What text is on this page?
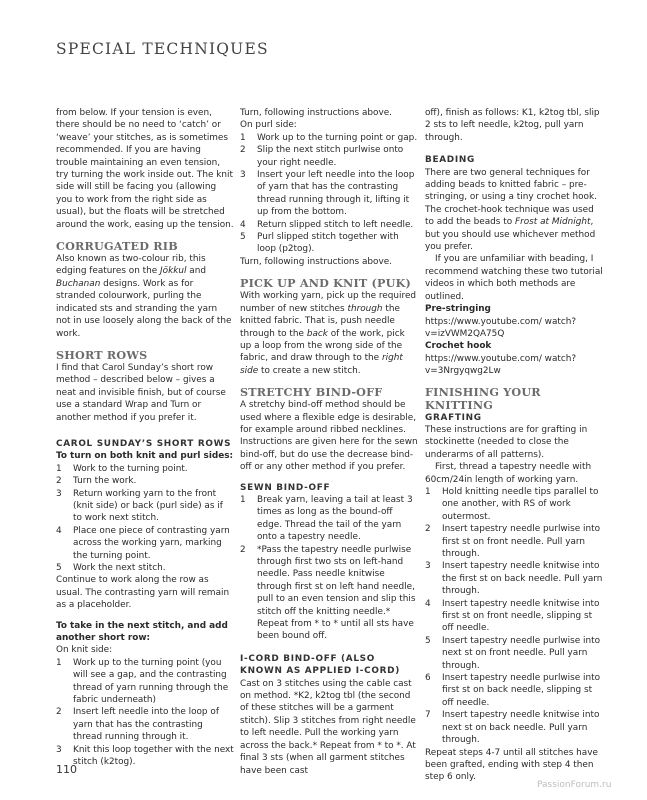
SPECIAL TECHNIQUES

from below. If your tension is even, there should be no need to ‘catch’ or ‘weave’ your stitches, as is sometimes recommended. If you are having trouble maintaining an even tension, try turning the work inside out. The knit side will still be facing you (allowing you to work from the right side as usual), but the floats will be stretched around the work, easing up the tension.

CORRUGATED RIB

Also known as two-colour rib, this edging features on the Jökkul and Buchanan designs. Work as for stranded colourwork, purling the indicated sts and stranding the yarn not in use loosely along the back of the work.

SHORT ROWS

I find that Carol Sunday’s short row method – described below – gives a neat and invisible finish, but of course use a standard Wrap and Turn or another method if you prefer it.

CAROL SUNDAY’S SHORT ROWS

To turn on both knit and purl sides:

1 Work to the turning point.
2 Turn the work.
3 Return working yarn to the front (knit side) or back (purl side) as if to work next stitch.
4 Place one piece of contrasting yarn across the working yarn, marking the turning point.
5 Work the next stitch.

Continue to work along the row as usual. The contrasting yarn will remain as a placeholder.

To take in the next stitch, and add another short row:

On knit side:

1 Work up to the turning point (you will see a gap, and the contrasting thread of yarn running through the fabric underneath)
2 Insert left needle into the loop of yarn that has the contrasting thread running through it.
3 Knit this loop together with the next stitch (k2tog).

Turn, following instructions above.

On purl side:

1 Work up to the turning point or gap.
2 Slip the next stitch purlwise onto your right needle.
3 Insert your left needle into the loop of yarn that has the contrasting thread running through it, lifting it up from the bottom.
4 Return slipped stitch to left needle.
5 Purl slipped stitch together with loop (p2tog).

Turn, following instructions above.

PICK UP AND KNIT (PUK)

With working yarn, pick up the required number of new stitches through the knitted fabric. That is, push needle through to the back of the work, pick up a loop from the wrong side of the fabric, and draw through to the right side to create a new stitch.

STRETCHY BIND-OFF

A stretchy bind-off method should be used where a flexible edge is desirable, for example around ribbed necklines. Instructions are given here for the sewn bind-off, but do use the decrease bind-off or any other method if you prefer.

SEWN BIND-OFF
1 Break yarn, leaving a tail at least 3 times as long as the bound-off edge. Thread the tail of the yarn onto a tapestry needle.
2 *Pass the tapestry needle purlwise through first two sts on left-hand needle. Pass needle knitwise through first st on left hand needle, pull to an even tension and slip this stitch off the knitting needle.* Repeat from * to * until all sts have been bound off.
I-CORD BIND-OFF (ALSO KNOWN AS APPLIED I-CORD)

Cast on 3 stitches using the cable cast on method. *K2, k2tog tbl (the second of these stitches will be a garment stitch). Slip 3 stitches from right needle to left needle. Pull the working yarn across the back.* Repeat from * to *. At final 3 sts (when all garment stitches have been cast

off), finish as follows: K1, k2tog tbl, slip 2 sts to left needle, k2tog, pull yarn through.

BEADING

There are two general techniques for adding beads to knitted fabric – pre-stringing, or using a tiny crochet hook. The crochet-hook technique was used to add the beads to Frost at Midnight, but you should use whichever method you prefer.

If you are unfamiliar with beading, I recommend watching these two tutorial videos in which both methods are outlined.

Pre-stringing

https://www.youtube.com/ watch?v=izVWM2QA75Q

Crochet hook

https://www.youtube.com/ watch?v=3Nrgyqwg2Lw

FINISHING YOUR KNITTING
GRAFTING

These instructions are for grafting in stockinette (needed to close the underarms of all patterns).

First, thread a tapestry needle with 60cm/24in length of working yarn.

1 Hold knitting needle tips parallel to one another, with RS of work outermost.
2 Insert tapestry needle purlwise into first st on front needle. Pull yarn through.
3 Insert tapestry needle knitwise into the first st on back needle. Pull yarn through.
4 Insert tapestry needle knitwise into first st on front needle, slipping st off needle.
5 Insert tapestry needle purlwise into next st on front needle. Pull yarn through.
6 Insert tapestry needle purlwise into first st on back needle, slipping st off needle.
7 Insert tapestry needle knitwise into next st on back needle. Pull yarn through.

Repeat steps 4-7 until all stitches have been grafted, ending with step 4 then step 6 only.

110
PassionForum.ru
